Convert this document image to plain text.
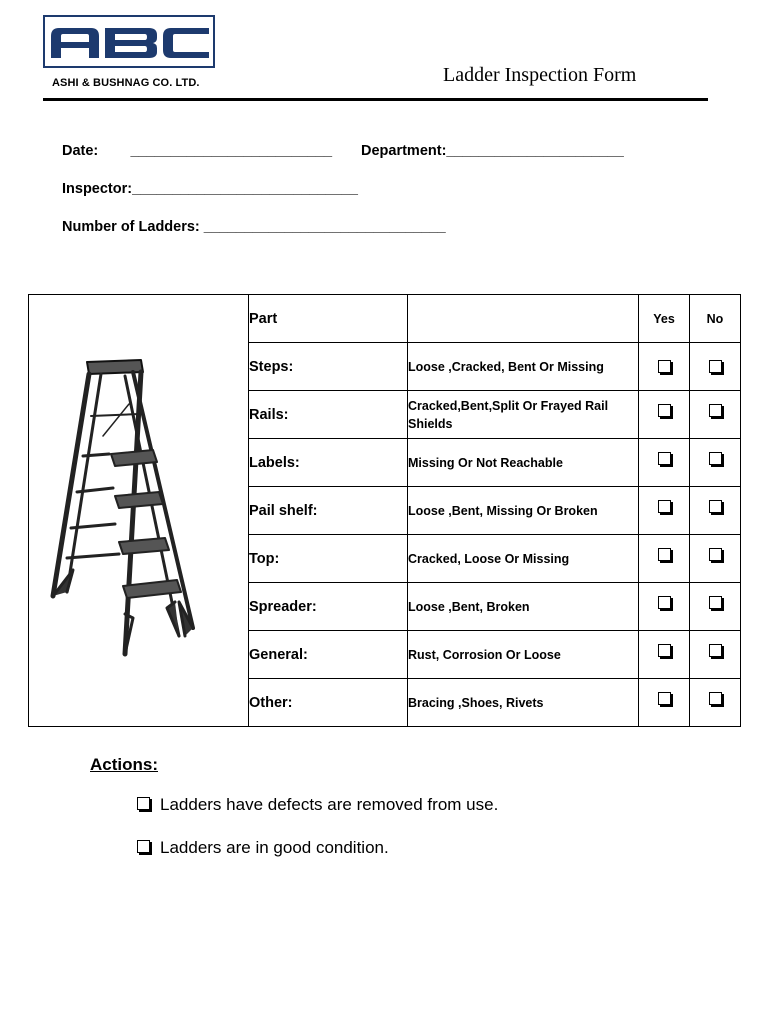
ASHI & BUSHNAG CO. LTD.	Ladder Inspection Form
Date:        _________________________ Department:______________________
Inspector:____________________________
Number of Ladders: ______________________________
	Part		Yes	No
	Steps:	Loose ,Cracked, Bent Or Missing		
	Rails:	Cracked,Bent,Split Or Frayed Rail Shields		
	Labels:	Missing Or Not Reachable		
	Pail shelf:	Loose ,Bent, Missing Or Broken		
	Top:	Cracked, Loose Or Missing		
	Spreader:	Loose ,Bent, Broken		
	General:	Rust, Corrosion Or Loose		
	Other:	Bracing ,Shoes, Rivets		
Actions:
Ladders have defects are removed from use.
Ladders are in good condition.
